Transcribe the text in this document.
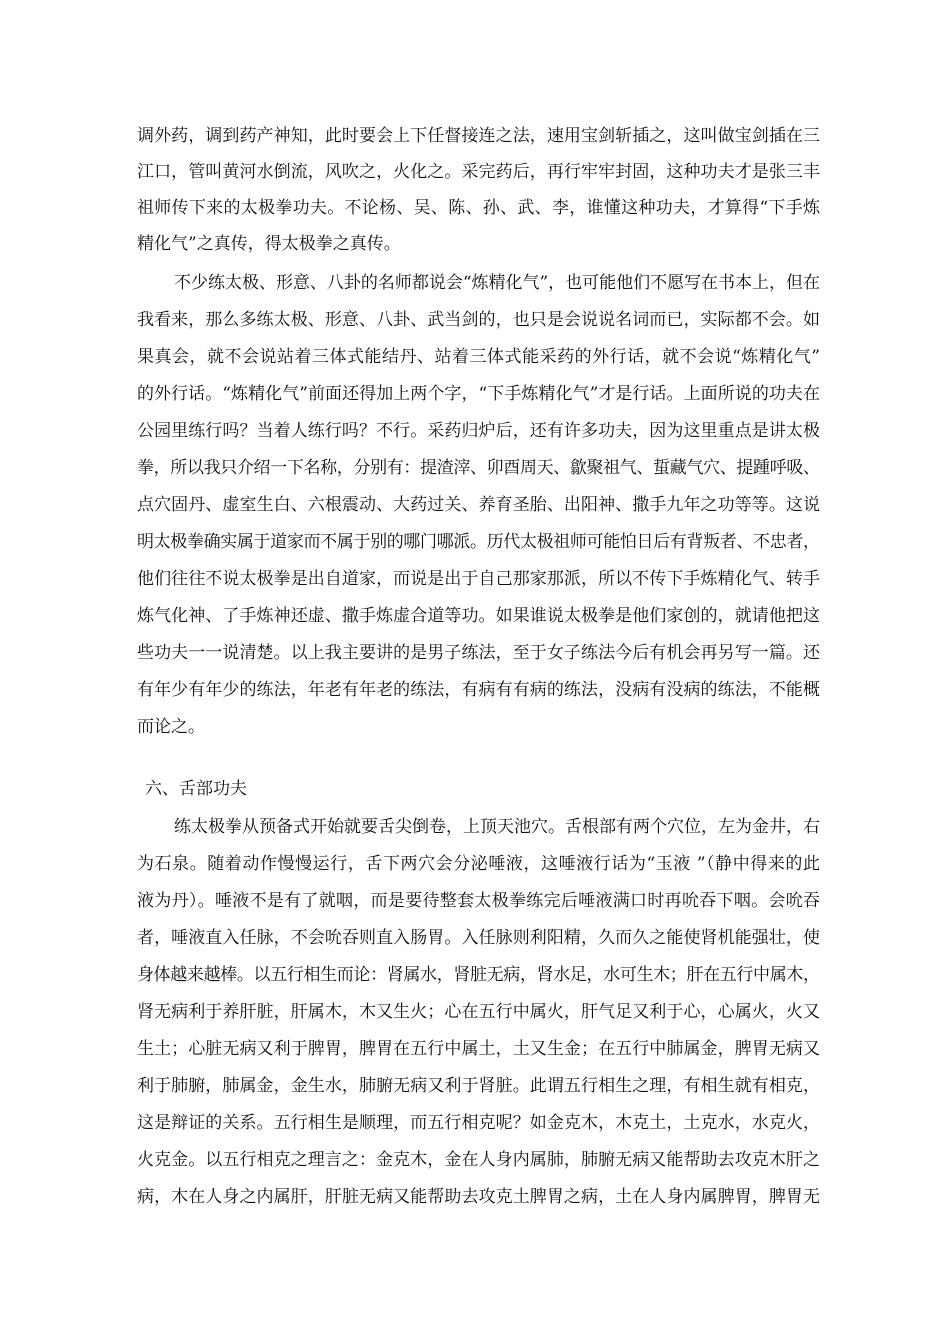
调外药，调到药产神知，此时要会上下任督接连之法，速用宝剑斩插之，这叫做宝剑插在三
江口，管叫黄河水倒流，风吹之，火化之。采完药后，再行牢牢封固，这种功夫才是张三丰
祖师传下来的太极拳功夫。不论杨、吴、陈、孙、武、李，谁懂这种功夫，才算得“下手炼
精化气”之真传，得太极拳之真传。
不少练太极、形意、八卦的名师都说会“炼精化气”，也可能他们不愿写在书本上，但在
我看来，那么多练太极、形意、八卦、武当剑的，也只是会说说名词而已，实际都不会。如
果真会，就不会说站着三体式能结丹、站着三体式能采药的外行话，就不会说“炼精化气”
的外行话。“炼精化气”前面还得加上两个字，“下手炼精化气”才是行话。上面所说的功夫在
公园里练行吗？当着人练行吗？不行。采药归炉后，还有许多功夫，因为这里重点是讲太极
拳，所以我只介绍一下名称，分别有：提渣滓、卯酉周天、歙聚祖气、蜇藏气穴、提踵呼吸、
点穴固丹、虚室生白、六根震动、大药过关、养育圣胎、出阳神、撒手九年之功等等。这说
明太极拳确实属于道家而不属于别的哪门哪派。历代太极祖师可能怕日后有背叛者、不忠者，
他们往往不说太极拳是出自道家，而说是出于自己那家那派，所以不传下手炼精化气、转手
炼气化神、了手炼神还虚、撒手炼虚合道等功。如果谁说太极拳是他们家创的，就请他把这
些功夫一一说清楚。以上我主要讲的是男子练法，至于女子练法今后有机会再另写一篇。还
有年少有年少的练法，年老有年老的练法，有病有有病的练法，没病有没病的练法，不能概
而论之。
六、舌部功夫
练太极拳从预备式开始就要舌尖倒卷，上顶天池穴。舌根部有两个穴位，左为金井，右
为石泉。随着动作慢慢运行，舌下两穴会分泌唾液，这唾液行话为“玉液 ”（静中得来的此
液为丹）。唾液不是有了就咽，而是要待整套太极拳练完后唾液满口时再吮吞下咽。会吮吞
者，唾液直入任脉，不会吮吞则直入肠胃。入任脉则利阳精，久而久之能使肾机能强壮，使
身体越来越棒。以五行相生而论：肾属水，肾脏无病，肾水足，水可生木；肝在五行中属木，
肾无病利于养肝脏，肝属木，木又生火；心在五行中属火，肝气足又利于心，心属火，火又
生土；心脏无病又利于脾胃，脾胃在五行中属土，土又生金；在五行中肺属金，脾胃无病又
利于肺腑，肺属金，金生水，肺腑无病又利于肾脏。此谓五行相生之理，有相生就有相克，
这是辩证的关系。五行相生是顺理，而五行相克呢？如金克木，木克土，土克水，水克火，
火克金。以五行相克之理言之：金克木，金在人身内属肺，肺腑无病又能帮助去攻克木肝之
病，木在人身之内属肝，肝脏无病又能帮助去攻克土脾胃之病，土在人身内属脾胃，脾胃无
